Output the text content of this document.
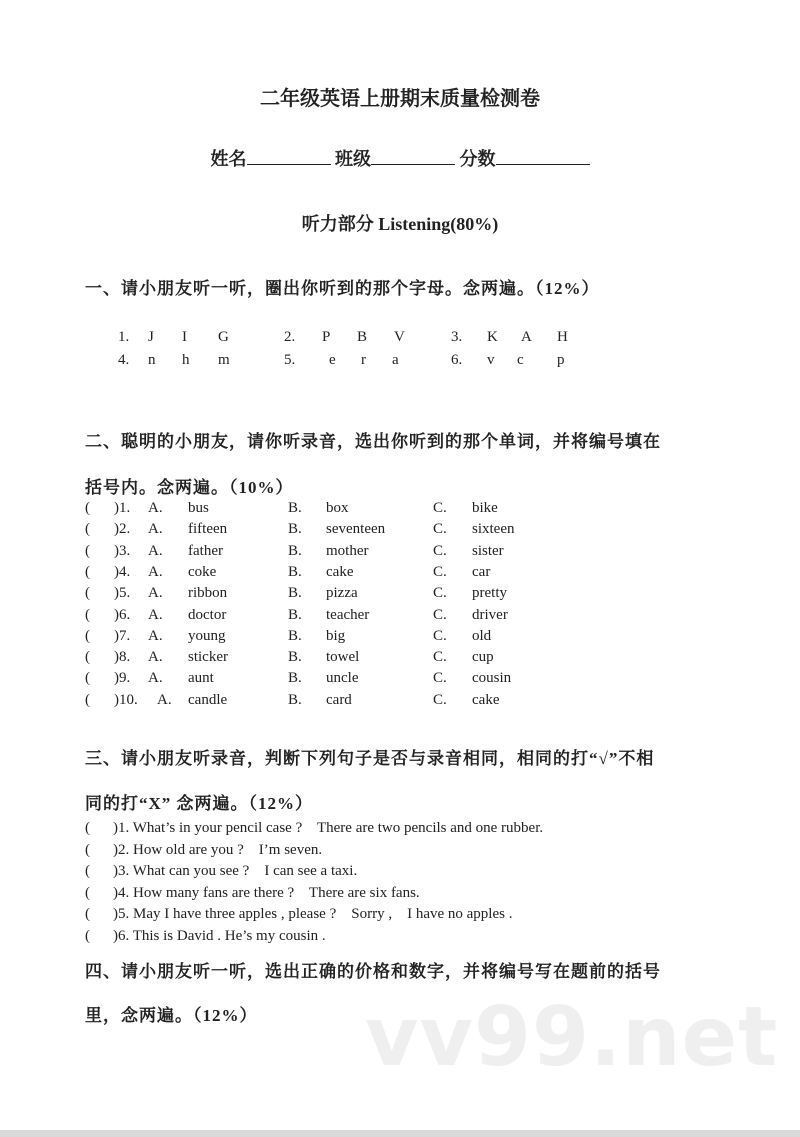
二年级英语上册期末质量检测卷
姓名	班级	分数
听力部分 Listening(80%)
一、请小朋友听一听，圈出你听到的那个字母。念两遍。（12%）
1. J I G	2. P B V	3. K A H
4. n h m	5. e r a	6. v c p
二、聪明的小朋友，请你听录音，选出你听到的那个单词，并将编号填在
括号内。念两遍。（10%）
( )1. A. bus	B. box	C. bike
( )2. A. fifteen	B. seventeen	C. sixteen
( )3. A. father	B. mother	C. sister
( )4. A. coke	B. cake	C. car
( )5. A. ribbon	B. pizza	C. pretty
( )6. A. doctor	B. teacher	C. driver
( )7. A. young	B. big	C. old
( )8. A. sticker	B. towel	C. cup
( )9. A. aunt	B. uncle	C. cousin
( )10. A. candle	B. card	C. cake
三、请小朋友听录音，判断下列句子是否与录音相同，相同的打“√”不相
同的打“X” 念两遍。（12%）
( )1. What’s in your pencil case ?    There are two pencils and one rubber.
( )2. How old are you ?    I’m seven.
( )3. What can you see ?    I can see a taxi.
( )4. How many fans are there ?    There are six fans.
( )5. May I have three apples , please ?    Sorry ,    I have no apples .
( )6. This is David . He’s my cousin .
四、请小朋友听一听，选出正确的价格和数字，并将编号写在题前的括号
里，念两遍。（12%） vv99.net
